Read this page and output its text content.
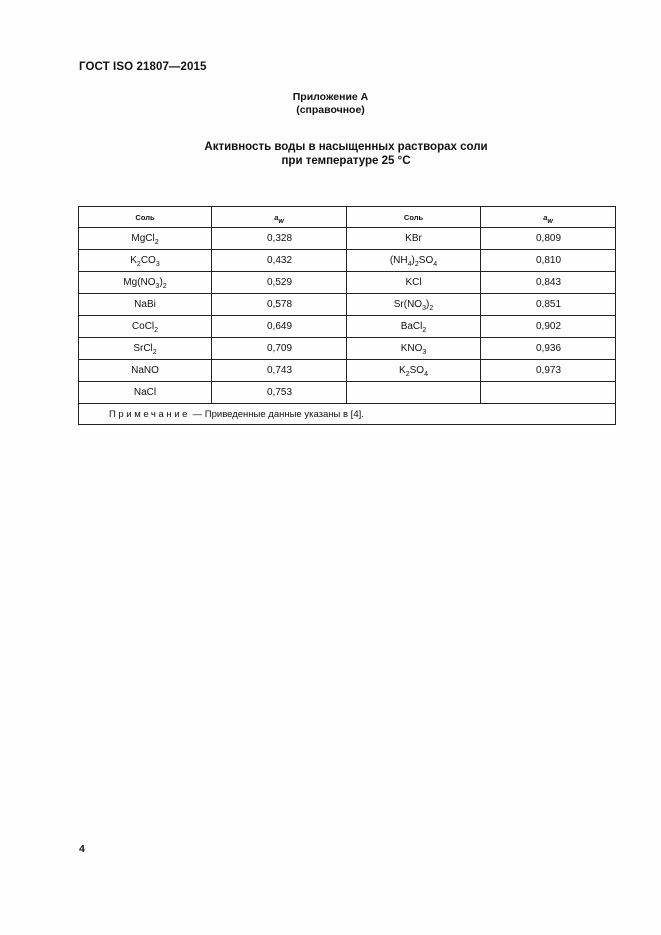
ГОСТ ISO 21807—2015
Приложение А
(справочное)
Активность воды в насыщенных растворах соли
при температуре 25 °С
Соль	$a_w$	Соль	$a_w$
MgCl$_2$	0,328	KBr	0,809
$K_2CO_3$	0,432	$(NH_4)_2SO_4$	0,810
$Mg(NO_3)_2$	0,529	KCl	0,843
NaBi	0,578	$Sr(NO_3)_2$	0,851
CoCl$_2$	0,649	BaCl$_2$	0,902
SrCl$_2$	0,709	$KNO_3$	0,936
NaNO	0,743	$K_2SO_4$	0,973
NaCl	0,753		
Примечание — Приведенные данные указаны в [4].			
4
